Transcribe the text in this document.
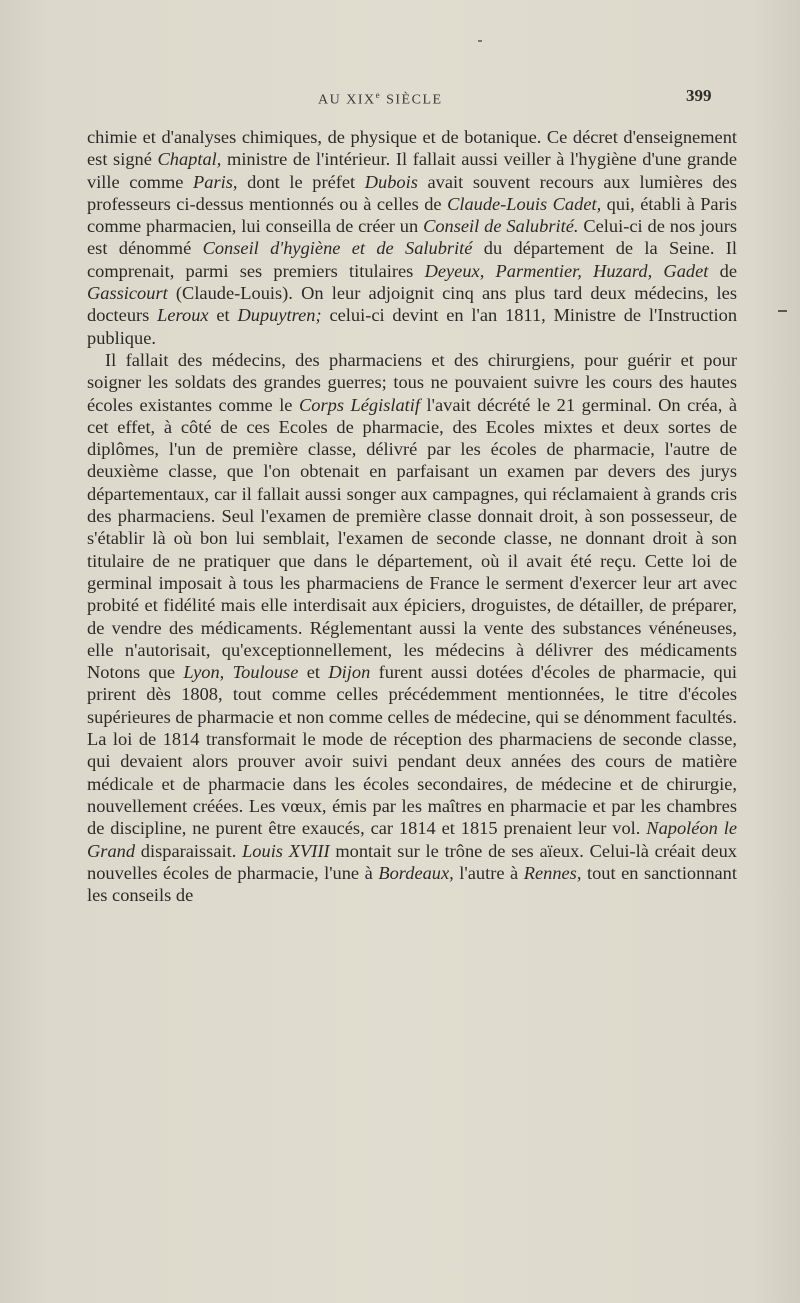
AU XIXe SIÈCLE	399

chimie et d'analyses chimiques, de physique et de botanique. Ce décret d'enseignement est signé Chaptal, ministre de l'intérieur. Il fallait aussi veiller à l'hygiène d'une grande ville comme Paris, dont le préfet Dubois avait souvent recours aux lumières des professeurs ci-dessus mentionnés ou à celles de Claude-Louis Cadet, qui, établi à Paris comme pharmacien, lui conseilla de créer un Conseil de Salubrité. Celui-ci de nos jours est dénommé Conseil d'hygiène et de Salubrité du département de la Seine. Il comprenait, parmi ses premiers titulaires Deyeux, Parmentier, Huzard, Gadet de Gassicourt (Claude-Louis). On leur adjoignit cinq ans plus tard deux médecins, les docteurs Leroux et Dupuytren; celui-ci devint en l'an 1811, Ministre de l'Instruction publique.

Il fallait des médecins, des pharmaciens et des chirurgiens, pour guérir et pour soigner les soldats des grandes guerres; tous ne pouvaient suivre les cours des hautes écoles existantes comme le Corps Législatif l'avait décrété le 21 germinal. On créa, à cet effet, à côté de ces Ecoles de pharmacie, des Ecoles mixtes et deux sortes de diplômes, l'un de première classe, délivré par les écoles de pharmacie, l'autre de deuxième classe, que l'on obtenait en parfaisant un examen par devers des jurys départementaux, car il fallait aussi songer aux campagnes, qui réclamaient à grands cris des pharmaciens. Seul l'examen de première classe donnait droit, à son possesseur, de s'établir là où bon lui semblait, l'examen de seconde classe, ne donnant droit à son titulaire de ne pratiquer que dans le département, où il avait été reçu. Cette loi de germinal imposait à tous les pharmaciens de France le serment d'exercer leur art avec probité et fidélité mais elle interdisait aux épiciers, droguistes, de détailler, de préparer, de vendre des médicaments. Réglementant aussi la vente des substances vénéneuses, elle n'autorisait, qu'exceptionnellement, les médecins à délivrer des médicaments Notons que Lyon, Toulouse et Dijon furent aussi dotées d'écoles de pharmacie, qui prirent dès 1808, tout comme celles précédemment mentionnées, le titre d'écoles supérieures de pharmacie et non comme celles de médecine, qui se dénomment facultés. La loi de 1814 transformait le mode de réception des pharmaciens de seconde classe, qui devaient alors prouver avoir suivi pendant deux années des cours de matière médicale et de pharmacie dans les écoles secondaires, de médecine et de chirurgie, nouvellement créées. Les vœux, émis par les maîtres en pharmacie et par les chambres de discipline, ne purent être exaucés, car 1814 et 1815 prenaient leur vol. Napoléon le Grand disparaissait. Louis XVIII montait sur le trône de ses aïeux. Celui-là créait deux nouvelles écoles de pharmacie, l'une à Bordeaux, l'autre à Rennes, tout en sanctionnant les conseils de
